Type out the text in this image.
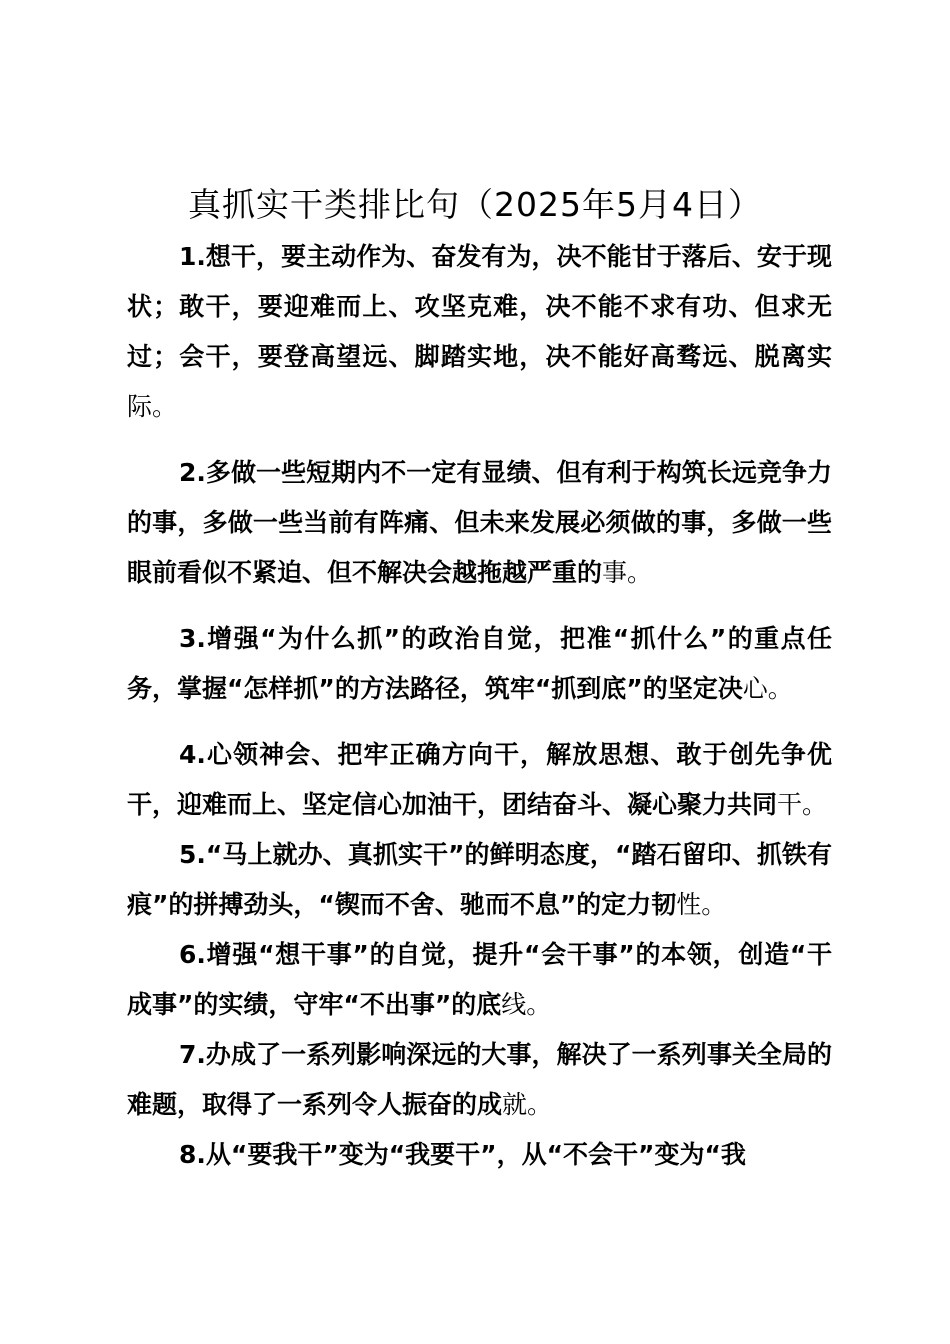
真抓实干类排比句（2025年5月4日）

1.想干，要主动作为、奋发有为，决不能甘于落后、安于现状；敢干，要迎难而上、攻坚克难，决不能不求有功、但求无过；会干，要登高望远、脚踏实地，决不能好高骛远、脱离实际。

2.多做一些短期内不一定有显绩、但有利于构筑长远竞争力的事，多做一些当前有阵痛、但未来发展必须做的事，多做一些眼前看似不紧迫、但不解决会越拖越严重的事。

3.增强“为什么抓”的政治自觉，把准“抓什么”的重点任务，掌握“怎样抓”的方法路径，筑牢“抓到底”的坚定决心。

4.心领神会、把牢正确方向干，解放思想、敢于创先争优干，迎难而上、坚定信心加油干，团结奋斗、凝心聚力共同干。

5.“马上就办、真抓实干”的鲜明态度，“踏石留印、抓铁有痕”的拼搏劲头，“锲而不舍、驰而不息”的定力韧性。

6.增强“想干事”的自觉，提升“会干事”的本领，创造“干成事”的实绩，守牢“不出事”的底线。

7.办成了一系列影响深远的大事，解决了一系列事关全局的难题，取得了一系列令人振奋的成就。

8.从“要我干”变为“我要干”，从“不会干”变为“我
